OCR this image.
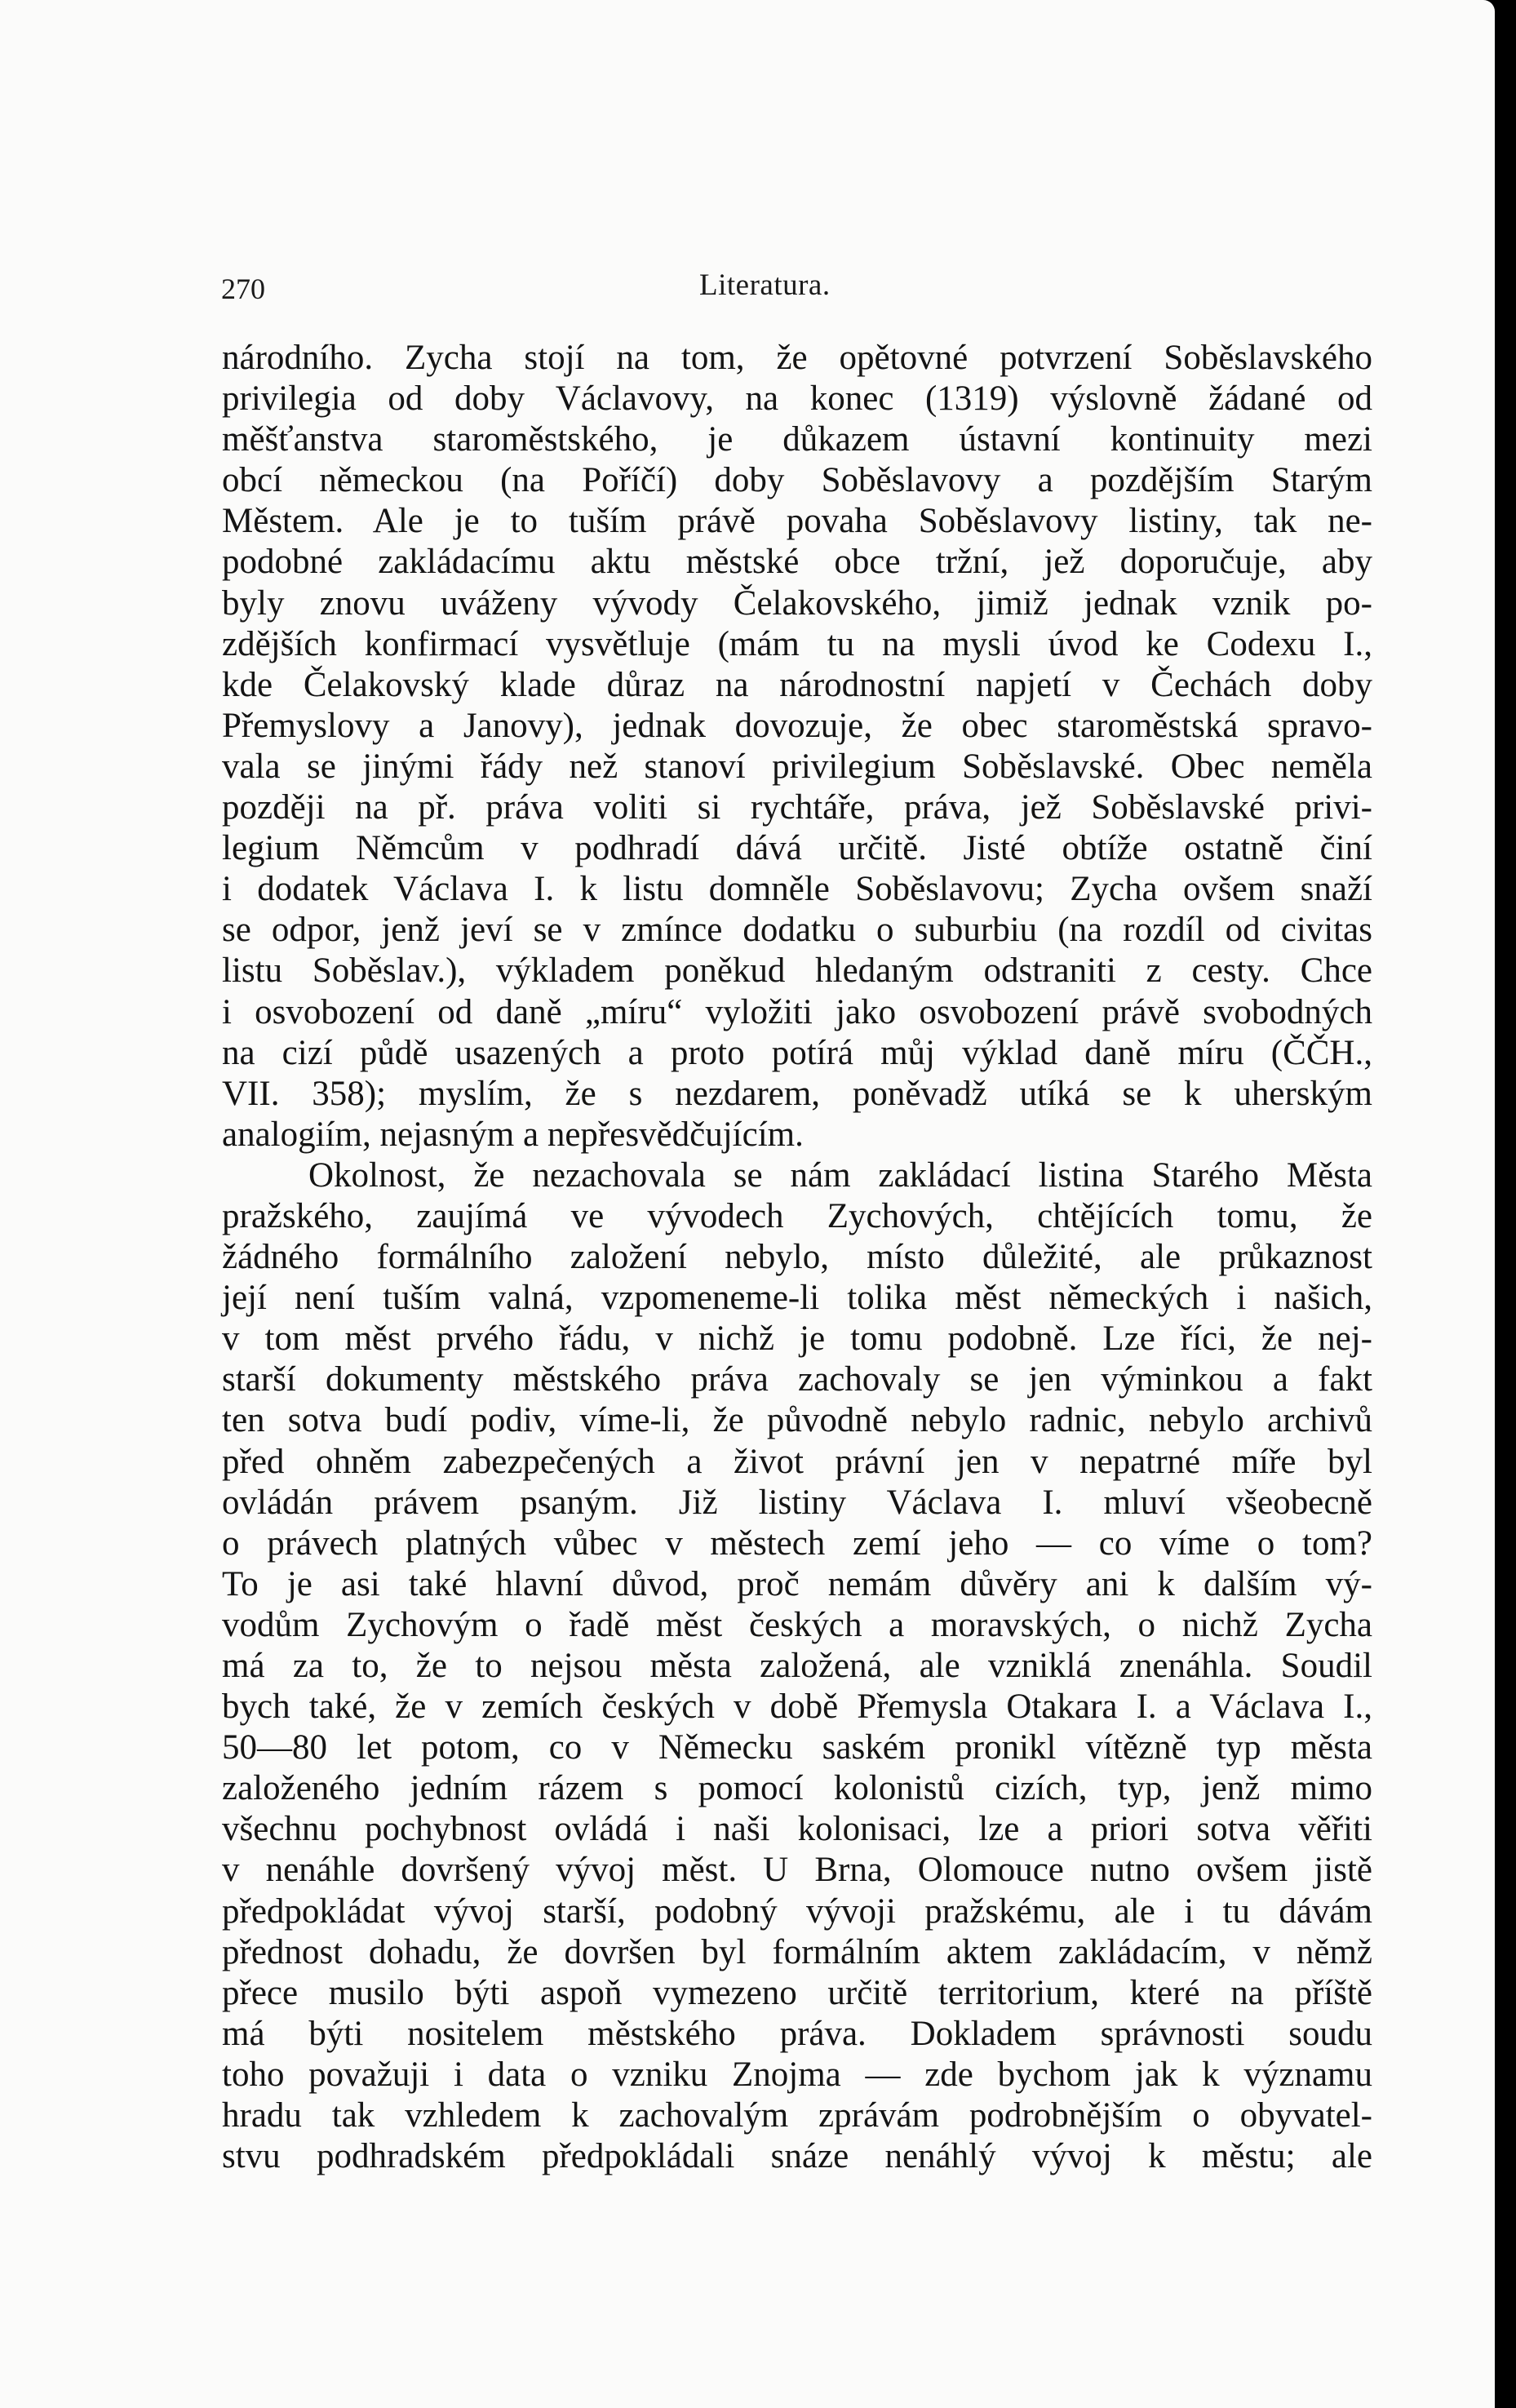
270	Literatura.
národního. Zycha stojí na tom, že opětovné potvrzení Soběslavského
privilegia od doby Václavovy, na konec (1319) výslovně žádané od
měšťanstva staroměstského, je důkazem ústavní kontinuity mezi
obcí německou (na Poříčí) doby Soběslavovy a pozdějším Starým
Městem. Ale je to tuším právě povaha Soběslavovy listiny, tak ne-
podobné zakládacímu aktu městské obce tržní, jež doporučuje, aby
byly znovu uváženy vývody Čelakovského, jimiž jednak vznik po-
zdějších konfirmací vysvětluje (mám tu na mysli úvod ke Codexu I.,
kde Čelakovský klade důraz na národnostní napjetí v Čechách doby
Přemyslovy a Janovy), jednak dovozuje, že obec staroměstská spravo-
vala se jinými řády než stanoví privilegium Soběslavské. Obec neměla
později na př. práva voliti si rychtáře, práva, jež Soběslavské privi-
legium Němcům v podhradí dává určitě. Jisté obtíže ostatně činí
i dodatek Václava I. k listu domněle Soběslavovu; Zycha ovšem snaží
se odpor, jenž jeví se v zmínce dodatku o suburbiu (na rozdíl od civitas
listu Soběslav.), výkladem poněkud hledaným odstraniti z cesty. Chce
i osvobození od daně „míru“ vyložiti jako osvobození právě svobodných
na cizí půdě usazených a proto potírá můj výklad daně míru (ČČH.,
VII. 358); myslím, že s nezdarem, poněvadž utíká se k uherským
analogiím, nejasným a nepřesvědčujícím.
Okolnost, že nezachovala se nám zakládací listina Starého Města
pražského, zaujímá ve vývodech Zychových, chtějících tomu, že
žádného formálního založení nebylo, místo důležité, ale průkaznost
její není tuším valná, vzpomeneme-li tolika měst německých i našich,
v tom měst prvého řádu, v nichž je tomu podobně. Lze říci, že nej-
starší dokumenty městského práva zachovaly se jen výminkou a fakt
ten sotva budí podiv, víme-li, že původně nebylo radnic, nebylo archivů
před ohněm zabezpečených a život právní jen v nepatrné míře byl
ovládán právem psaným. Již listiny Václava I. mluví všeobecně
o právech platných vůbec v městech zemí jeho — co víme o tom?
To je asi také hlavní důvod, proč nemám důvěry ani k dalším vý-
vodům Zychovým o řadě měst českých a moravských, o nichž Zycha
má za to, že to nejsou města založená, ale vzniklá znenáhla. Soudil
bych také, že v zemích českých v době Přemysla Otakara I. a Václava I.,
50—80 let potom, co v Německu saském pronikl vítězně typ města
založeného jedním rázem s pomocí kolonistů cizích, typ, jenž mimo
všechnu pochybnost ovládá i naši kolonisaci, lze a priori sotva věřiti
v nenáhle dovršený vývoj měst. U Brna, Olomouce nutno ovšem jistě
předpokládat vývoj starší, podobný vývoji pražskému, ale i tu dávám
přednost dohadu, že dovršen byl formálním aktem zakládacím, v němž
přece musilo býti aspoň vymezeno určitě territorium, které na příště
má býti nositelem městského práva. Dokladem správnosti soudu
toho považuji i data o vzniku Znojma — zde bychom jak k významu
hradu tak vzhledem k zachovalým zprávám podrobnějším o obyvatel-
stvu podhradském předpokládali snáze nenáhlý vývoj k městu; ale
